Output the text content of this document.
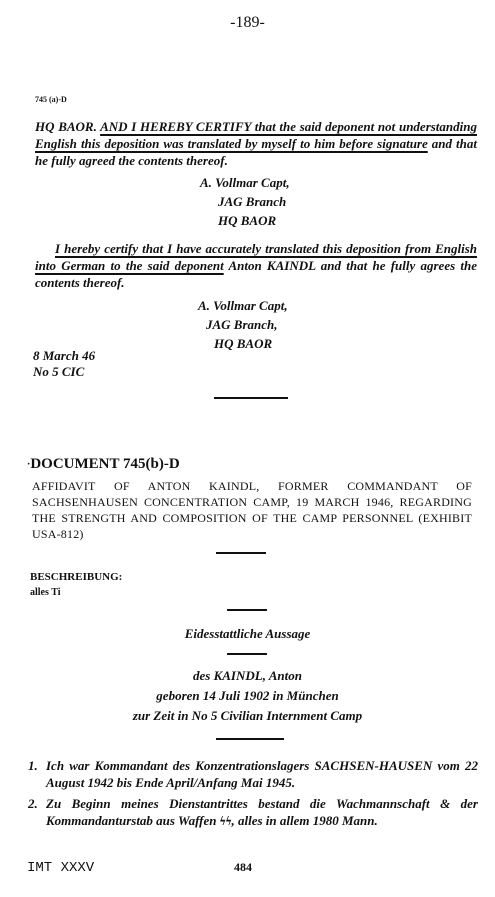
-189-
745 (a)-D
HQ BAOR. AND I HEREBY CERTIFY that the said deponent not understanding English this deposition was translated by myself to him before signature and that he fully agreed the contents thereof.
A. Vollmar Capt,
JAG Branch
HQ BAOR
I hereby certify that I have accurately translated this deposition from English into German to the said deponent Anton KAINDL and that he fully agrees the contents thereof.
A. Vollmar Capt,
JAG Branch,
HQ BAOR
8 March 46
No 5 CIC
·DOCUMENT 745(b)-D
AFFIDAVIT OF ANTON KAINDL, FORMER COMMANDANT OF SACHSENHAUSEN CONCENTRATION CAMP, 19 MARCH 1946, REGARDING THE STRENGTH AND COMPOSITION OF THE CAMP PERSONNEL (EXHIBIT USA-812)
BESCHREIBUNG:
alles Ti
Eidesstattliche Aussage
des KAINDL, Anton
geboren 14 Juli 1902 in München
zur Zeit in No 5 Civilian Internment Camp
1. Ich war Kommandant des Konzentrationslagers SACHSEN-HAUSEN vom 22 August 1942 bis Ende April/Anfang Mai 1945.
2. Zu Beginn meines Dienstantrittes bestand die Wachmannschaft & der Kommandanturstab aus Waffen ϟϟ, alles in allem 1980 Mann.
IMT XXXV	484
